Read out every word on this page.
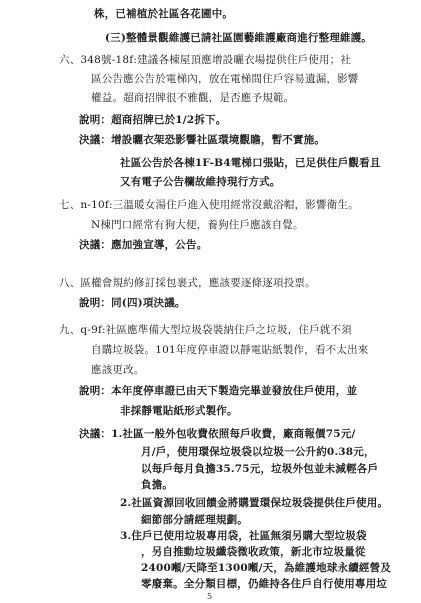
株，已補植於社區各花圃中。
(三)整體景觀維護已請社區園藝維護廠商進行整理維護。
六、348號-18f:建議各棟屋頂應增設曬衣場提供住戶使用；社
區公告應公告於電梯內，放在電梯間住戶容易遺漏，影響
權益。超商招牌很不雅觀，是否應予規範。
說明：超商招牌已於1/2拆下。
決議：增設曬衣架恐影響社區環境觀瞻，暫不實施。
社區公告於各棟1F-B4電梯口張貼，已足供住戶觀看且
又有電子公告欄故維持現行方式。
七、n-10f:三溫暖女湯住戶進入使用經常沒戴浴帽，影響衛生。
N棟門口經常有狗大便，養狗住戶應該自覺。
決議：應加強宣導，公告。
八、區權會規約修訂採包裹式，應該要逐條逐項投票。
說明：同(四)項決議。
九、q-9f:社區應準備大型垃圾袋裝納住戶之垃圾，住戶就不須
自購垃圾袋。101年度停車證以靜電貼紙製作，看不太出來
應該更改。
說明：本年度停車證已由天下製造完畢並發放住戶使用，並
非採靜電貼紙形式製作。
決議：1.社區一般外包收費依照每戶收費，廠商報價75元/
月/戶，使用環保垃圾袋以垃圾一公升約0.38元，
以每戶每月負擔35.75元，垃圾外包並未減輕各戶
負擔。
2.社區資源回收回饋金將購置環保垃圾袋提供住戶使用。
細節部分請經理規劃。
3.住戶已使用垃圾專用袋，社區無須另購大型垃圾袋
，另自推動垃圾纖袋微收政策，新北市垃圾量從
2400噸/天降至1300噸/天，為維護地球永續經營及
零廢棄。全分類目標，仍維持各住戶自行使用專用垃
5
